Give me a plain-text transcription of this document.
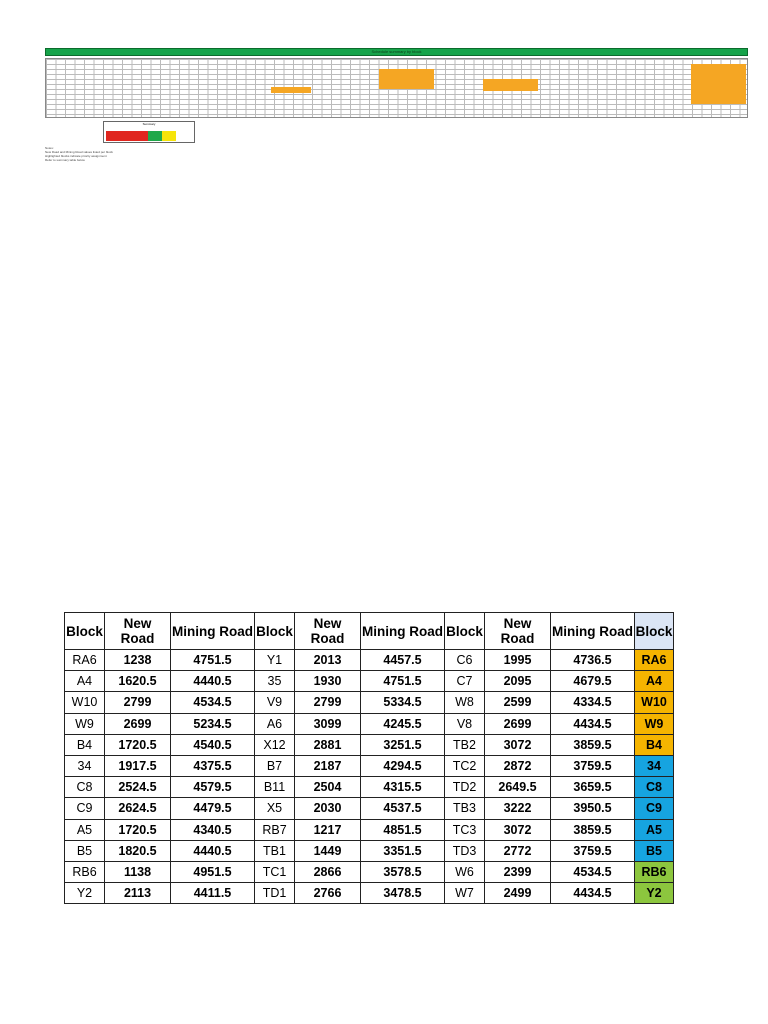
Schedule summary by block
Summary
Notes:
New Road and Mining Road values listed per block
Highlighted blocks indicate priority assignment
Refer to summary table below
Block	New Road	Mining Road	Block	New Road	Mining Road	Block	New Road	Mining Road	Block
RA6	1238	4751.5	Y1	2013	4457.5	C6	1995	4736.5	RA6
A4	1620.5	4440.5	35	1930	4751.5	C7	2095	4679.5	A4
W10	2799	4534.5	V9	2799	5334.5	W8	2599	4334.5	W10
W9	2699	5234.5	A6	3099	4245.5	V8	2699	4434.5	W9
B4	1720.5	4540.5	X12	2881	3251.5	TB2	3072	3859.5	B4
34	1917.5	4375.5	B7	2187	4294.5	TC2	2872	3759.5	34
C8	2524.5	4579.5	B11	2504	4315.5	TD2	2649.5	3659.5	C8
C9	2624.5	4479.5	X5	2030	4537.5	TB3	3222	3950.5	C9
A5	1720.5	4340.5	RB7	1217	4851.5	TC3	3072	3859.5	A5
B5	1820.5	4440.5	TB1	1449	3351.5	TD3	2772	3759.5	B5
RB6	1138	4951.5	TC1	2866	3578.5	W6	2399	4534.5	RB6
Y2	2113	4411.5	TD1	2766	3478.5	W7	2499	4434.5	Y2
